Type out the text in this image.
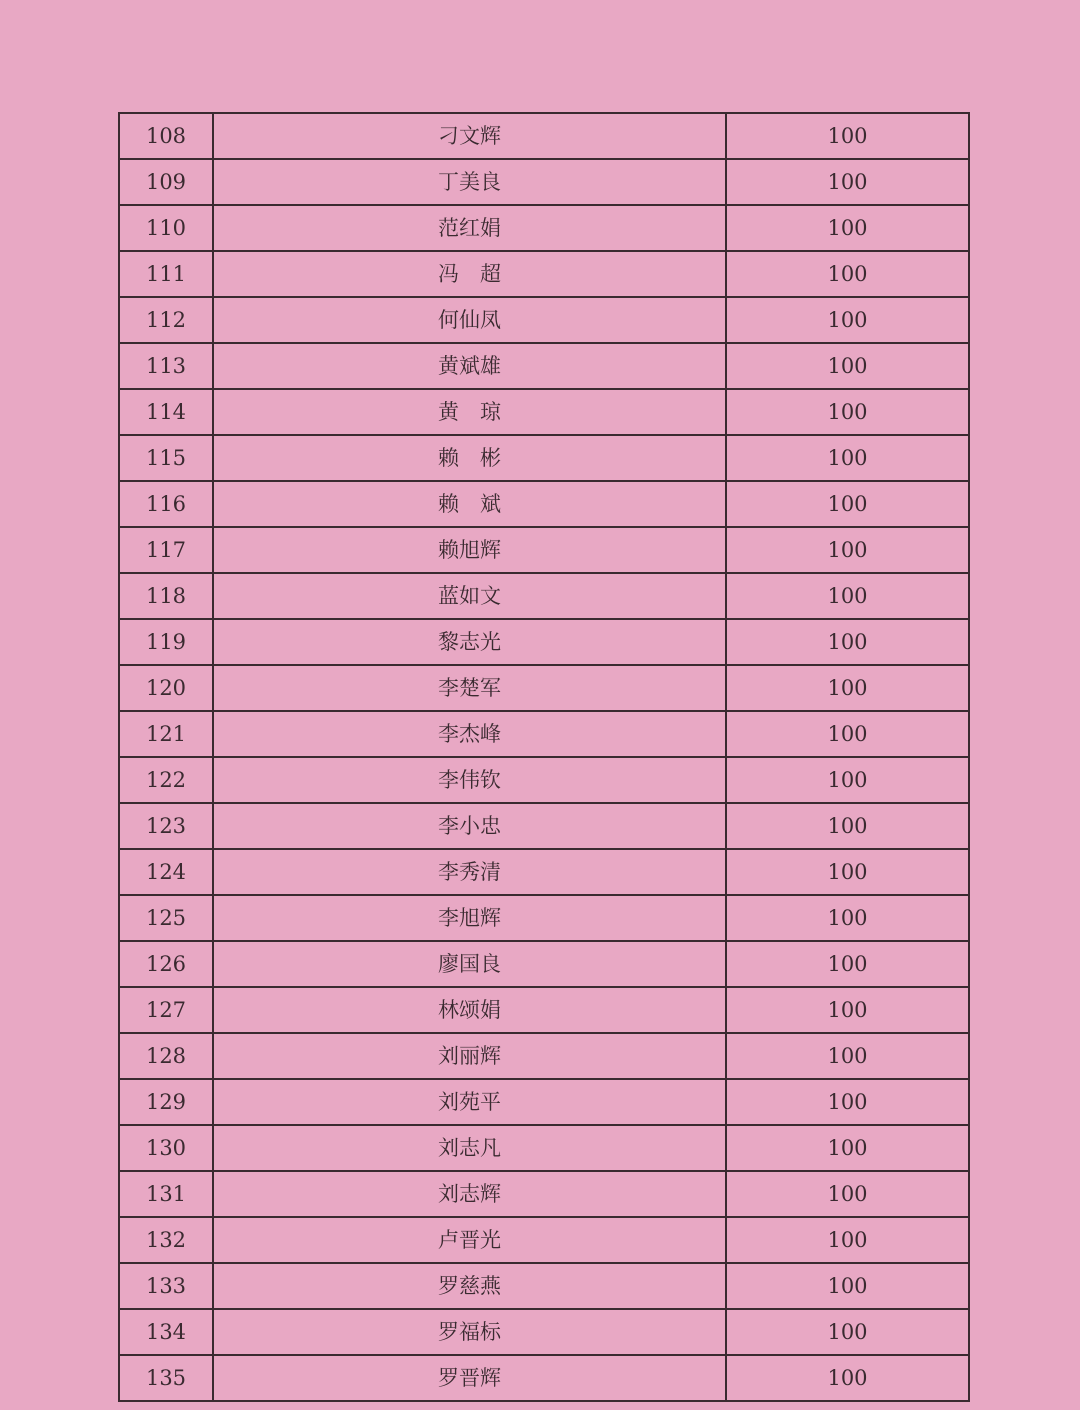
108	刁文辉	100
109	丁美良	100
110	范红娟	100
111	冯　超	100
112	何仙凤	100
113	黄斌雄	100
114	黄　琼	100
115	赖　彬	100
116	赖　斌	100
117	赖旭辉	100
118	蓝如文	100
119	黎志光	100
120	李楚军	100
121	李杰峰	100
122	李伟钦	100
123	李小忠	100
124	李秀清	100
125	李旭辉	100
126	廖国良	100
127	林颂娟	100
128	刘丽辉	100
129	刘苑平	100
130	刘志凡	100
131	刘志辉	100
132	卢晋光	100
133	罗慈燕	100
134	罗福标	100
135	罗晋辉	100
